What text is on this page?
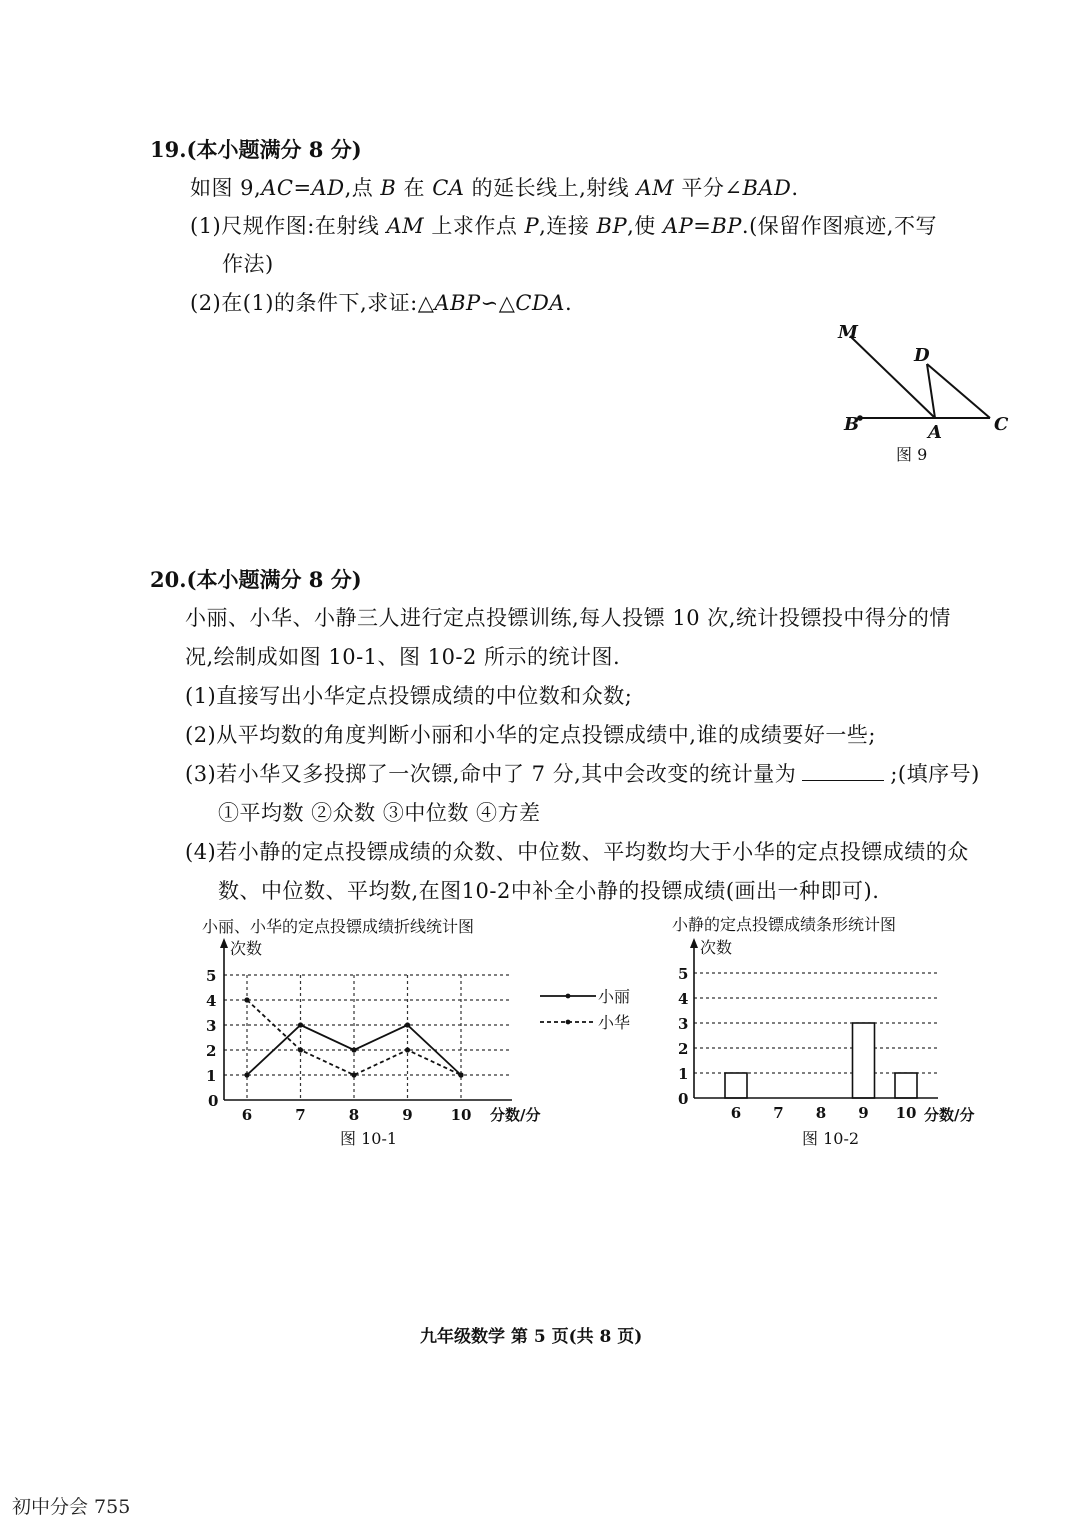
19.(本小题满分 8 分)
如图 9,AC=AD,点 B 在 CA 的延长线上,射线 AM 平分∠BAD.
(1)尺规作图:在射线 AM 上求作点 P,连接 BP,使 AP=BP.(保留作图痕迹,不写
作法)
(2)在(1)的条件下,求证:△ABP∽△CDA.
M
D
B	A	C
图 9
20.(本小题满分 8 分)
小丽、小华、小静三人进行定点投镖训练,每人投镖 10 次,统计投镖投中得分的情
况,绘制成如图 10-1、图 10-2 所示的统计图.
(1)直接写出小华定点投镖成绩的中位数和众数;
(2)从平均数的角度判断小丽和小华的定点投镖成绩中,谁的成绩要好一些;
(3)若小华又多投掷了一次镖,命中了 7 分,其中会改变的统计量为	;(填序号)
①平均数 ②众数 ③中位数 ④方差
(4)若小静的定点投镖成绩的众数、中位数、平均数均大于小华的定点投镖成绩的众
数、中位数、平均数,在图10-2中补全小静的投镖成绩(画出一种即可).
小丽、小华的定点投镖成绩折线统计图
次数
1
2
3
4
5
6	7	8	9	10
0
分数/分
小丽
小华
图 10-1
小静的定点投镖成绩条形统计图
次数
1
2
3
4
5
6 7 8 9 10
0
分数/分
图 10-2
九年级数学 第 5 页(共 8 页)
初中分会 755
